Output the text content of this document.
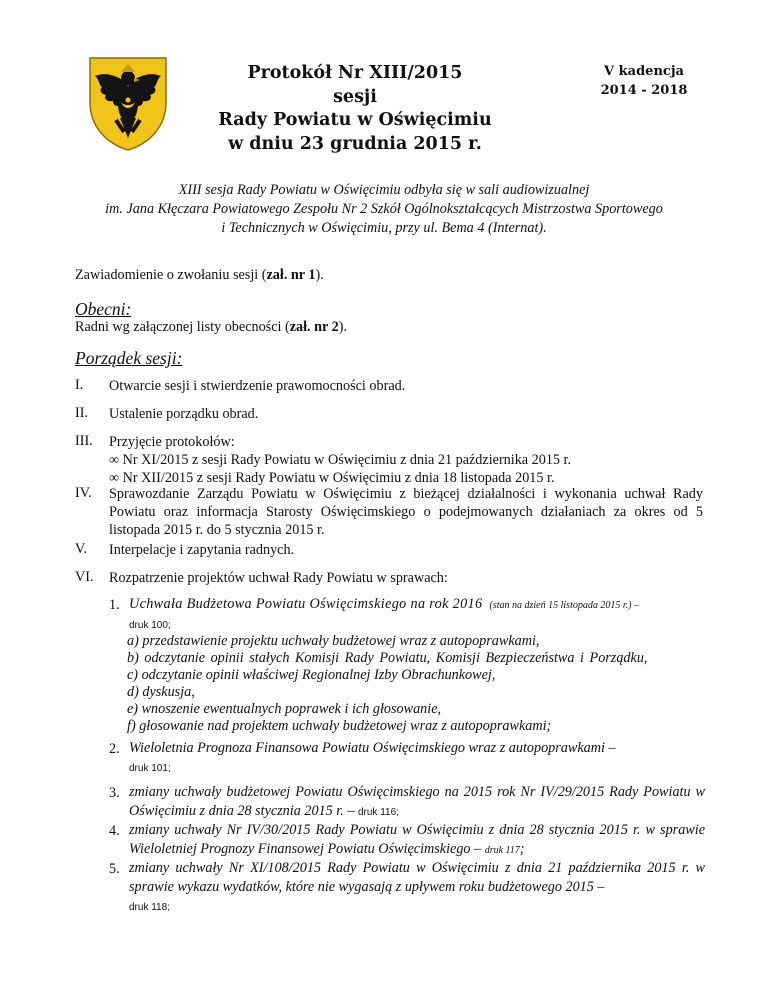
Protokół Nr XIII/2015
sesji
Rady Powiatu w Oświęcimiu
w dniu 23 grudnia 2015 r.
V kadencja
2014 - 2018
XIII sesja Rady Powiatu w Oświęcimiu odbyła się w sali audiowizualnej
im. Jana Kłęczara Powiatowego Zespołu Nr 2 Szkół Ogólnokształcących Mistrzostwa Sportowego
i Technicznych w Oświęcimiu, przy ul. Bema 4 (Internat).
Zawiadomienie o zwołaniu sesji (zał. nr 1).
Obecni:
Radni wg załączonej listy obecności (zał. nr 2).
Porządek sesji:
I. Otwarcie sesji i stwierdzenie prawomocności obrad.
II. Ustalenie porządku obrad.
III. Przyjęcie protokołów:
∞ Nr XI/2015 z sesji Rady Powiatu w Oświęcimiu z dnia 21 października 2015 r.
∞ Nr XII/2015 z sesji Rady Powiatu w Oświęcimiu z dnia 18 listopada 2015 r.
IV. Sprawozdanie Zarządu Powiatu w Oświęcimiu z bieżącej działalności i wykonania uchwał Rady Powiatu oraz informacja Starosty Oświęcimskiego o podejmowanych działaniach za okres od 5 listopada 2015 r. do 5 stycznia 2015 r.
V. Interpelacje i zapytania radnych.
VI. Rozpatrzenie projektów uchwał Rady Powiatu w sprawach:
1. Uchwała Budżetowa Powiatu Oświęcimskiego na rok 2016 (stan na dzień 15 listopada 2015 r.) –
druk 100;
a) przedstawienie projektu uchwały budżetowej wraz z autopoprawkami,
b) odczytanie opinii stałych Komisji Rady Powiatu, Komisji Bezpieczeństwa i Porządku,
c) odczytanie opinii właściwej Regionalnej Izby Obrachunkowej,
d) dyskusja,
e) wnoszenie ewentualnych poprawek i ich głosowanie,
f) głosowanie nad projektem uchwały budżetowej wraz z autopoprawkami;
2. Wieloletnia Prognoza Finansowa Powiatu Oświęcimskiego wraz z autopoprawkami –
druk 101;
3. zmiany uchwały budżetowej Powiatu Oświęcimskiego na 2015 rok Nr IV/29/2015 Rady Powiatu w Oświęcimiu z dnia 28 stycznia 2015 r. – druk 116;
4. zmiany uchwały Nr IV/30/2015 Rady Powiatu w Oświęcimiu z dnia 28 stycznia 2015 r. w sprawie Wieloletniej Prognozy Finansowej Powiatu Oświęcimskiego – druk 117;
5. zmiany uchwały Nr XI/108/2015 Rady Powiatu w Oświęcimiu z dnia 21 października 2015 r. w sprawie wykazu wydatków, które nie wygasają z upływem roku budżetowego 2015 –
druk 118;
